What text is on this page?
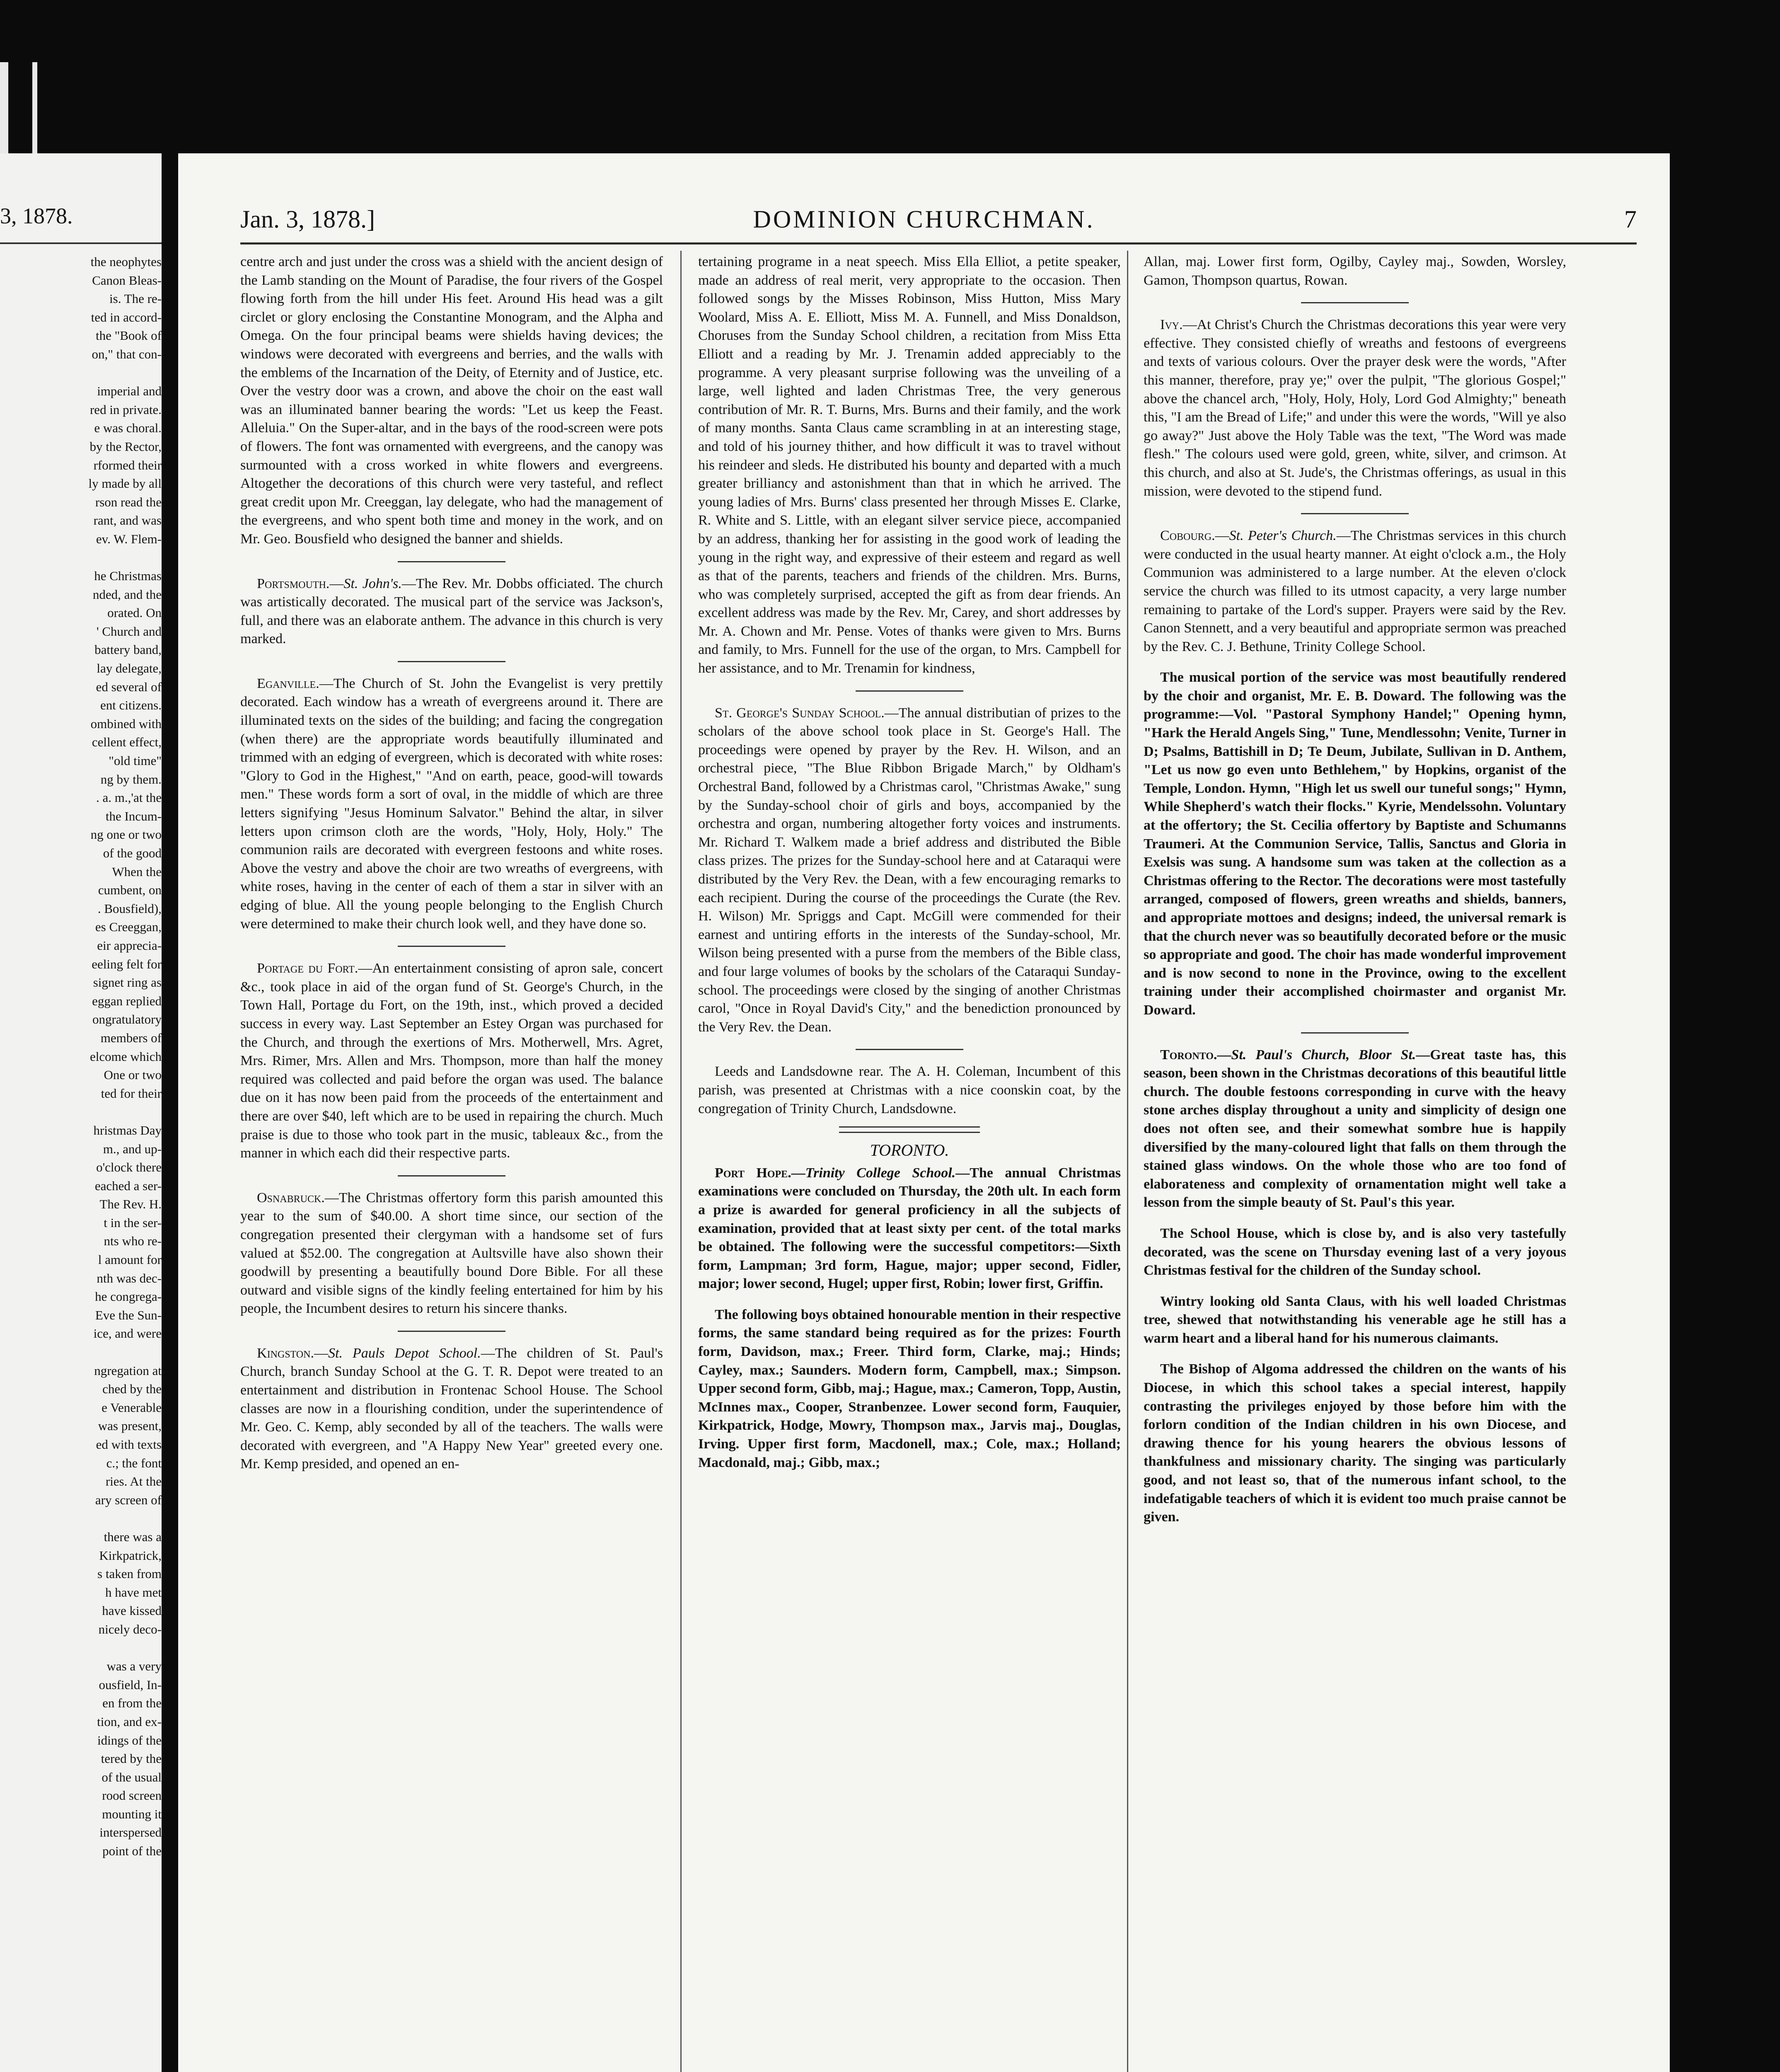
3, 1878.
the neophytes
Canon Bleas-
is. The re-
ted in accord-
the "Book of
on," that con-

imperial and
red in private.
e was choral.
by the Rector,
rformed their
ly made by all
rson read the
rant, and was
ev. W. Flem-

he Christmas
nded, and the
orated. On
' Church and
battery band,
lay delegate,
ed several of
ent citizens.
ombined with
cellent effect,
"old time"
ng by them.
. a. m.,'at the
the Incum-
ng one or two
of the good
When the
cumbent, on
. Bousfield),
es Creeggan,
eir apprecia-
eeling felt for
signet ring as
eggan replied
ongratulatory
members of
elcome which
One or two
ted for their

hristmas Day
m., and up-
o'clock there
eached a ser-
The Rev. H.
t in the ser-
nts who re-
l amount for
nth was dec-
he congrega-
Eve the Sun-
ice, and were

ngregation at
ched by the
e Venerable
was present,
ed with texts
c.; the font
ries. At the
ary screen of

there was a
Kirkpatrick,
s taken from
h have met
have kissed
nicely deco-

was a very
ousfield, In-
en from the
tion, and ex-
idings of the
tered by the
of the usual
rood screen
mounting it
interspersed
point of the
Jan. 3, 1878.]	DOMINION CHURCHMAN.	7

centre arch and just under the cross was a shield with the ancient design of the Lamb standing on the Mount of Paradise, the four rivers of the Gospel flowing forth from the hill under His feet. Around His head was a gilt circlet or glory enclosing the Constantine Monogram, and the Alpha and Omega. On the four principal beams were shields having devices; the windows were decorated with evergreens and berries, and the walls with the emblems of the Incarnation of the Deity, of Eternity and of Justice, etc. Over the vestry door was a crown, and above the choir on the east wall was an illuminated banner bearing the words: "Let us keep the Feast. Alleluia." On the Super-altar, and in the bays of the rood-screen were pots of flowers. The font was ornamented with evergreens, and the canopy was surmounted with a cross worked in white flowers and evergreens. Altogether the decorations of this church were very tasteful, and reflect great credit upon Mr. Creeggan, lay delegate, who had the management of the evergreens, and who spent both time and money in the work, and on Mr. Geo. Bousfield who designed the banner and shields.

Portsmouth.—St. John's.—The Rev. Mr. Dobbs officiated. The church was artistically decorated. The musical part of the service was Jackson's, full, and there was an elaborate anthem. The advance in this church is very marked.

Eganville.—The Church of St. John the Evangelist is very prettily decorated. Each window has a wreath of evergreens around it. There are illuminated texts on the sides of the building; and facing the congregation (when there) are the appropriate words beautifully illuminated and trimmed with an edging of evergreen, which is decorated with white roses: "Glory to God in the Highest," "And on earth, peace, good-will towards men." These words form a sort of oval, in the middle of which are three letters signifying "Jesus Hominum Salvator." Behind the altar, in silver letters upon crimson cloth are the words, "Holy, Holy, Holy." The communion rails are decorated with evergreen festoons and white roses. Above the vestry and above the choir are two wreaths of evergreens, with white roses, having in the center of each of them a star in silver with an edging of blue. All the young people belonging to the English Church were determined to make their church look well, and they have done so.

Portage du Fort.—An entertainment consisting of apron sale, concert &c., took place in aid of the organ fund of St. George's Church, in the Town Hall, Portage du Fort, on the 19th, inst., which proved a decided success in every way. Last September an Estey Organ was purchased for the Church, and through the exertions of Mrs. Motherwell, Mrs. Agret, Mrs. Rimer, Mrs. Allen and Mrs. Thompson, more than half the money required was collected and paid before the organ was used. The balance due on it has now been paid from the proceeds of the entertainment and there are over $40, left which are to be used in repairing the church. Much praise is due to those who took part in the music, tableaux &c., from the manner in which each did their respective parts.

Osnabruck.—The Christmas offertory form this parish amounted this year to the sum of $40.00. A short time since, our section of the congregation presented their clergyman with a handsome set of furs valued at $52.00. The congregation at Aultsville have also shown their goodwill by presenting a beautifully bound Dore Bible. For all these outward and visible signs of the kindly feeling entertained for him by his people, the Incumbent desires to return his sincere thanks.

Kingston.—St. Pauls Depot School.—The children of St. Paul's Church, branch Sunday School at the G. T. R. Depot were treated to an entertainment and distribution in Frontenac School House. The School classes are now in a flourishing condition, under the superintendence of Mr. Geo. C. Kemp, ably seconded by all of the teachers. The walls were decorated with evergreen, and "A Happy New Year" greeted every one. Mr. Kemp presided, and opened an en-

tertaining programe in a neat speech. Miss Ella Elliot, a petite speaker, made an address of real merit, very appropriate to the occasion. Then followed songs by the Misses Robinson, Miss Hutton, Miss Mary Woolard, Miss A. E. Elliott, Miss M. A. Funnell, and Miss Donaldson, Choruses from the Sunday School children, a recitation from Miss Etta Elliott and a reading by Mr. J. Trenamin added appreciably to the programme. A very pleasant surprise following was the unveiling of a large, well lighted and laden Christmas Tree, the very generous contribution of Mr. R. T. Burns, Mrs. Burns and their family, and the work of many months. Santa Claus came scrambling in at an interesting stage, and told of his journey thither, and how difficult it was to travel without his reindeer and sleds. He distributed his bounty and departed with a much greater brilliancy and astonishment than that in which he arrived. The young ladies of Mrs. Burns' class presented her through Misses E. Clarke, R. White and S. Little, with an elegant silver service piece, accompanied by an address, thanking her for assisting in the good work of leading the young in the right way, and expressive of their esteem and regard as well as that of the parents, teachers and friends of the children. Mrs. Burns, who was completely surprised, accepted the gift as from dear friends. An excellent address was made by the Rev. Mr, Carey, and short addresses by Mr. A. Chown and Mr. Pense. Votes of thanks were given to Mrs. Burns and family, to Mrs. Funnell for the use of the organ, to Mrs. Campbell for her assistance, and to Mr. Trenamin for kindness,

St. George's Sunday School.—The annual distributian of prizes to the scholars of the above school took place in St. George's Hall. The proceedings were opened by prayer by the Rev. H. Wilson, and an orchestral piece, "The Blue Ribbon Brigade March," by Oldham's Orchestral Band, followed by a Christmas carol, "Christmas Awake," sung by the Sunday-school choir of girls and boys, accompanied by the orchestra and organ, numbering altogether forty voices and instruments. Mr. Richard T. Walkem made a brief address and distributed the Bible class prizes. The prizes for the Sunday-school here and at Cataraqui were distributed by the Very Rev. the Dean, with a few encouraging remarks to each recipient. During the course of the proceedings the Curate (the Rev. H. Wilson) Mr. Spriggs and Capt. McGill were commended for their earnest and untiring efforts in the interests of the Sunday-school, Mr. Wilson being presented with a purse from the members of the Bible class, and four large volumes of books by the scholars of the Cataraqui Sunday-school. The proceedings were closed by the singing of another Christmas carol, "Once in Royal David's City," and the benediction pronounced by the Very Rev. the Dean.

Leeds and Landsdowne rear. The A. H. Coleman, Incumbent of this parish, was presented at Christmas with a nice coonskin coat, by the congregation of Trinity Church, Landsdowne.

TORONTO.

Port Hope.—Trinity College School.—The annual Christmas examinations were concluded on Thursday, the 20th ult. In each form a prize is awarded for general proficiency in all the subjects of examination, provided that at least sixty per cent. of the total marks be obtained. The following were the successful competitors:—Sixth form, Lampman; 3rd form, Hague, major; upper second, Fidler, major; lower second, Hugel; upper first, Robin; lower first, Griffin.

The following boys obtained honourable mention in their respective forms, the same standard being required as for the prizes: Fourth form, Davidson, max.; Freer. Third form, Clarke, maj.; Hinds; Cayley, max.; Saunders. Modern form, Campbell, max.; Simpson. Upper second form, Gibb, maj.; Hague, max.; Cameron, Topp, Austin, McInnes max., Cooper, Stranbenzee. Lower second form, Fauquier, Kirkpatrick, Hodge, Mowry, Thompson max., Jarvis maj., Douglas, Irving. Upper first form, Macdonell, max.; Cole, max.; Holland; Macdonald, maj.; Gibb, max.;

Allan, maj. Lower first form, Ogilby, Cayley maj., Sowden, Worsley, Gamon, Thompson quartus, Rowan.

Ivy.—At Christ's Church the Christmas decorations this year were very effective. They consisted chiefly of wreaths and festoons of evergreens and texts of various colours. Over the prayer desk were the words, "After this manner, therefore, pray ye;" over the pulpit, "The glorious Gospel;" above the chancel arch, "Holy, Holy, Holy, Lord God Almighty;" beneath this, "I am the Bread of Life;" and under this were the words, "Will ye also go away?" Just above the Holy Table was the text, "The Word was made flesh." The colours used were gold, green, white, silver, and crimson. At this church, and also at St. Jude's, the Christmas offerings, as usual in this mission, were devoted to the stipend fund.

Cobourg.—St. Peter's Church.—The Christmas services in this church were conducted in the usual hearty manner. At eight o'clock a.m., the Holy Communion was administered to a large number. At the eleven o'clock service the church was filled to its utmost capacity, a very large number remaining to partake of the Lord's supper. Prayers were said by the Rev. Canon Stennett, and a very beautiful and appropriate sermon was preached by the Rev. C. J. Bethune, Trinity College School.

The musical portion of the service was most beautifully rendered by the choir and organist, Mr. E. B. Doward. The following was the programme:—Vol. "Pastoral Symphony Handel;" Opening hymn, "Hark the Herald Angels Sing," Tune, Mendlessohn; Venite, Turner in D; Psalms, Battishill in D; Te Deum, Jubilate, Sullivan in D. Anthem, "Let us now go even unto Bethlehem," by Hopkins, organist of the Temple, London. Hymn, "High let us swell our tuneful songs;" Hymn, While Shepherd's watch their flocks." Kyrie, Mendelssohn. Voluntary at the offertory; the St. Cecilia offertory by Baptiste and Schumanns Traumeri. At the Communion Service, Tallis, Sanctus and Gloria in Exelsis was sung. A handsome sum was taken at the collection as a Christmas offering to the Rector. The decorations were most tastefully arranged, composed of flowers, green wreaths and shields, banners, and appropriate mottoes and designs; indeed, the universal remark is that the church never was so beautifully decorated before or the music so appropriate and good. The choir has made wonderful improvement and is now second to none in the Province, owing to the excellent training under their accomplished choirmaster and organist Mr. Doward.

Toronto.—St. Paul's Church, Bloor St.—Great taste has, this season, been shown in the Christmas decorations of this beautiful little church. The double festoons corresponding in curve with the heavy stone arches display throughout a unity and simplicity of design one does not often see, and their somewhat sombre hue is happily diversified by the many-coloured light that falls on them through the stained glass windows. On the whole those who are too fond of elaborateness and complexity of ornamentation might well take a lesson from the simple beauty of St. Paul's this year.

The School House, which is close by, and is also very tastefully decorated, was the scene on Thursday evening last of a very joyous Christmas festival for the children of the Sunday school.

Wintry looking old Santa Claus, with his well loaded Christmas tree, shewed that notwithstanding his venerable age he still has a warm heart and a liberal hand for his numerous claimants.

The Bishop of Algoma addressed the children on the wants of his Diocese, in which this school takes a special interest, happily contrasting the privileges enjoyed by those before him with the forlorn condition of the Indian children in his own Diocese, and drawing thence for his young hearers the obvious lessons of thankfulness and missionary charity. The singing was particularly good, and not least so, that of the numerous infant school, to the indefatigable teachers of which it is evident too much praise cannot be given.
